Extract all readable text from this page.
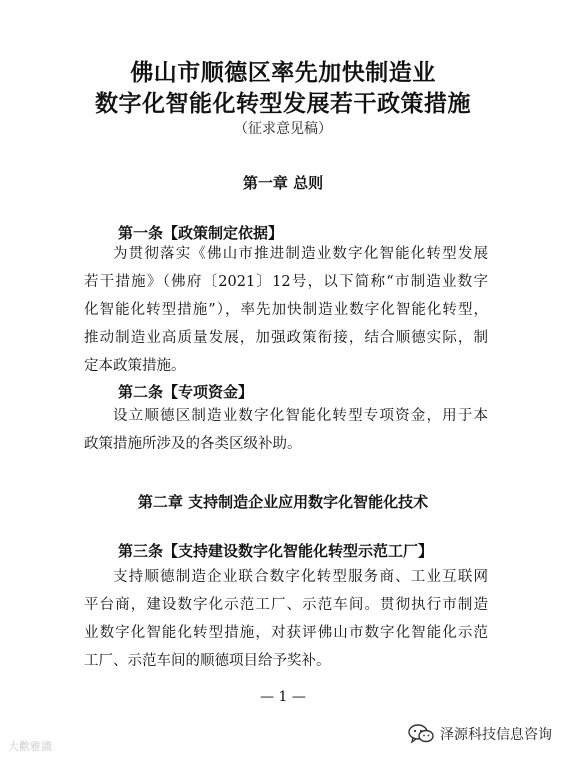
佛山市顺德区率先加快制造业
数字化智能化转型发展若干政策措施
（征求意见稿）
第一章 总则
第一条【政策制定依据】
为贯彻落实《佛山市推进制造业数字化智能化转型发展
若干措施》（佛府〔2021〕12号，以下简称“市制造业数字
化智能化转型措施”），率先加快制造业数字化智能化转型，
推动制造业高质量发展，加强政策衔接，结合顺德实际，制
定本政策措施。
第二条【专项资金】
设立顺德区制造业数字化智能化转型专项资金，用于本
政策措施所涉及的各类区级补助。
第二章 支持制造企业应用数字化智能化技术
第三条【支持建设数字化智能化转型示范工厂】
支持顺德制造企业联合数字化转型服务商、工业互联网
平台商，建设数字化示范工厂、示范车间。贯彻执行市制造
业数字化智能化转型措施，对获评佛山市数字化智能化示范
工厂、示范车间的顺德项目给予奖补。
— 1 —
大歡雅識
泽源科技信息咨询
